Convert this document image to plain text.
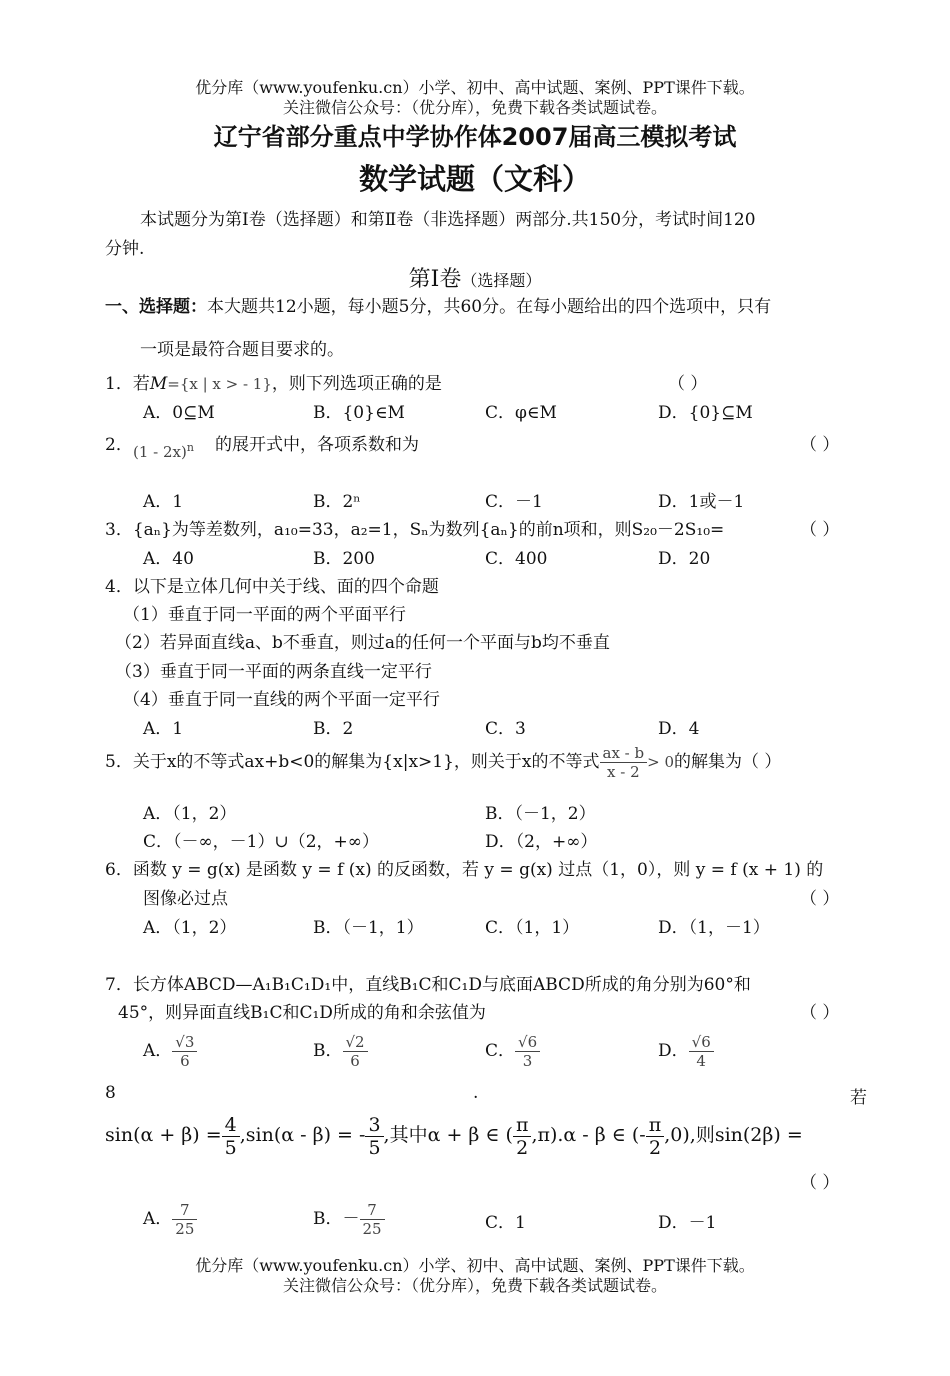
优分库（www.youfenku.cn）小学、初中、高中试题、案例、PPT课件下载。
关注微信公众号：（优分库），免费下载各类试题试卷。
辽宁省部分重点中学协作体2007届高三模拟考试
数学试题（文科）
本试题分为第Ⅰ卷（选择题）和第Ⅱ卷（非选择题）两部分.共150分，考试时间120
分钟.
第Ⅰ卷（选择题）
一、选择题：本大题共12小题，每小题5分，共60分。在每小题给出的四个选项中，只有
一项是最符合题目要求的。
1．若M={x | x > - 1}，则下列选项正确的是	（ ）
A．0⊆M	B．{0}∈M	C．φ∈M	D．{0}⊆M
2． (1 - 2x)$^n$ 的展开式中，各项系数和为	（ ）
A．1	B．2ⁿ	C．－1	D．1或－1
3．{aₙ}为等差数列，a₁₀=33，a₂=1，Sₙ为数列{aₙ}的前n项和，则S₂₀－2S₁₀=	（ ）
A．40	B．200	C．400	D．20
4．以下是立体几何中关于线、面的四个命题
（1）垂直于同一平面的两个平面平行
（2）若异面直线a、b不垂直，则过a的任何一个平面与b均不垂直
（3）垂直于同一平面的两条直线一定平行
（4）垂直于同一直线的两个平面一定平行
A．1	B．2	C．3	D．4
5．关于x的不等式ax+b<0的解集为{x|x>1}，则关于x的不等式 $\frac{ax - b}{x - 2} > 0$的解集为（ ）
A．（1，2）	B．（－1，2）
C．（－∞，－1）∪（2，+∞）	D．（2，+∞）
6．函数 y = g(x) 是函数 y = f (x) 的反函数，若 y = g(x) 过点（1，0），则 y = f (x + 1) 的
图像必过点	（ ）
A．（1，2）	B．（－1，1）	C．（1，1）	D．（1，－1）
7．长方体ABCD—A₁B₁C₁D₁中，直线B₁C和C₁D与底面ABCD所成的角分别为60°和
45°，则异面直线B₁C和C₁D所成的角和余弦值为	（ ）
A． $\frac{√3}{6}$	B． $\frac{√2}{6}$	C． $\frac{√6}{3}$	D． $\frac{√6}{4}$
8	.	若
$\sin(\alpha + \beta) = \frac{4}{5} ,\sin(\alpha - \beta)$ = - $\frac{3}{5}$ ,其中α + β ∈ ( $\frac{\pi}{2} ,\pi).\alpha$ - β ∈ (- $\frac{\pi}{2} ,0$),则sin(2β) =
（ ）
A． $\frac{7}{25}$	B．－ $\frac{7}{25}$	C．1	D．－1
优分库（www.youfenku.cn）小学、初中、高中试题、案例、PPT课件下载。
关注微信公众号：（优分库），免费下载各类试题试卷。
